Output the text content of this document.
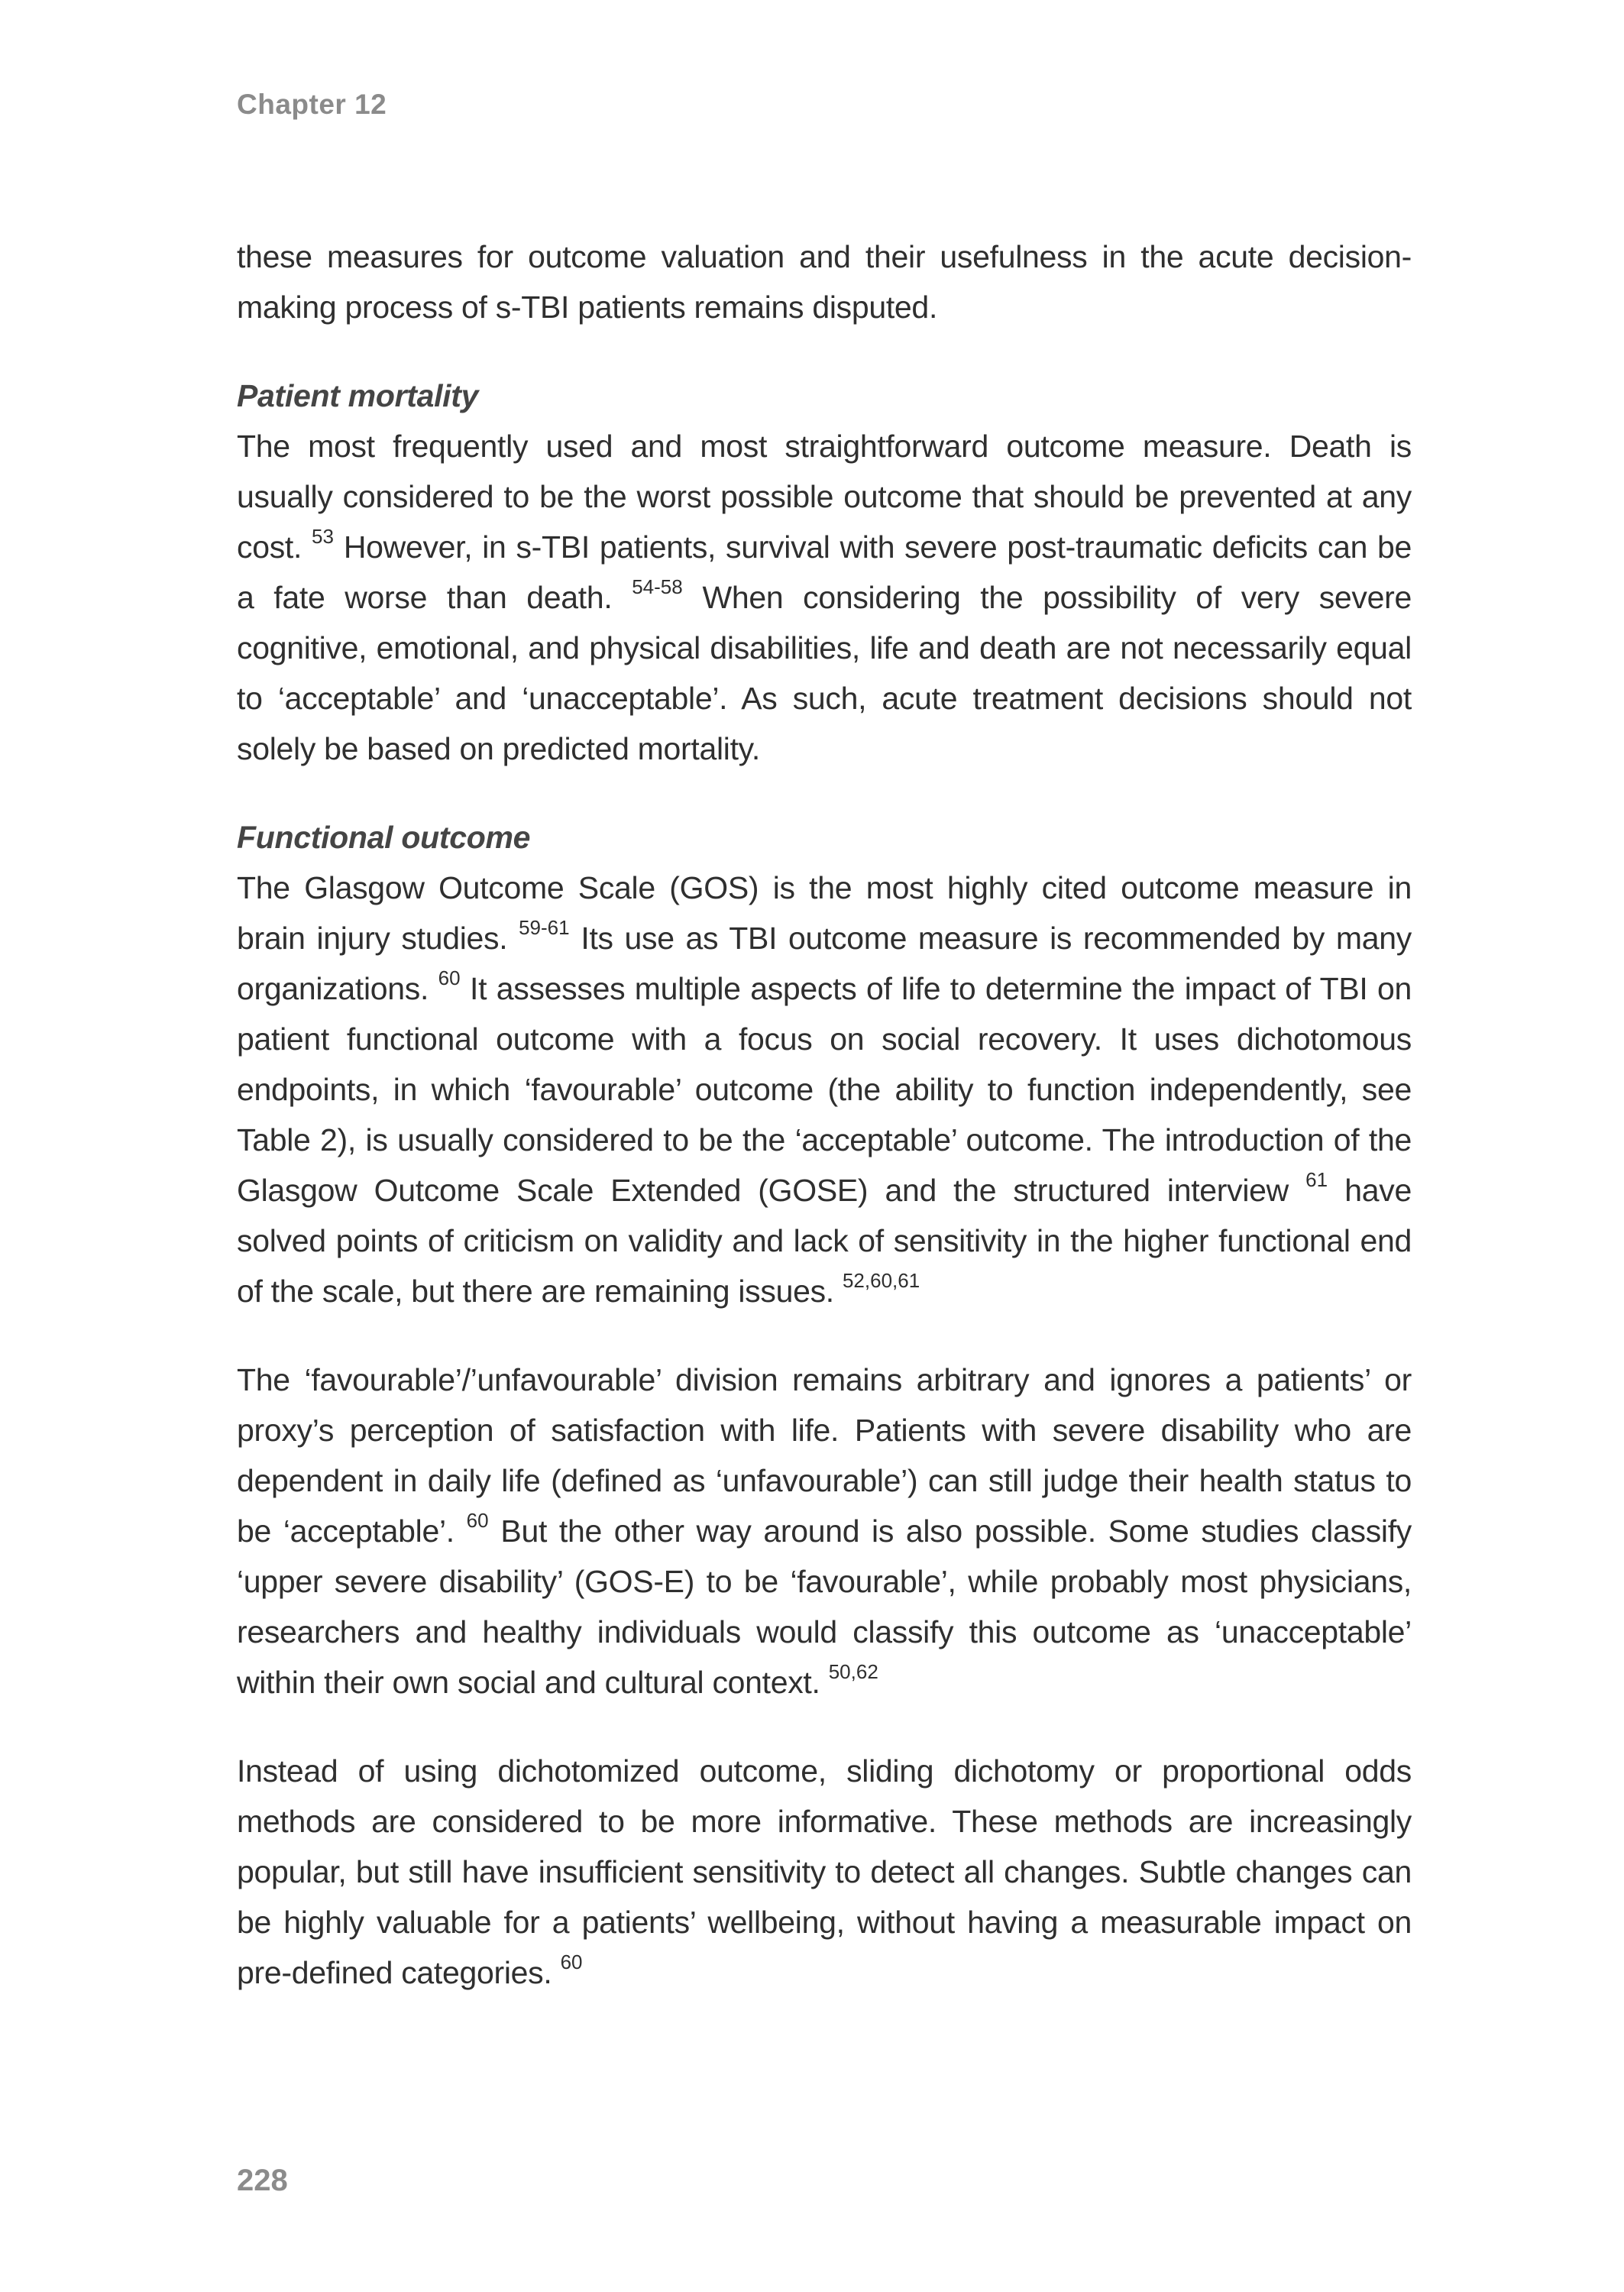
Chapter 12

these measures for outcome valuation and their usefulness in the acute decision-making process of s-TBI patients remains disputed.

Patient mortality

The most frequently used and most straightforward outcome measure. Death is usually considered to be the worst possible outcome that should be prevented at any cost. $^{53}$ However, in s-TBI patients, survival with severe post-traumatic deficits can be a fate worse than death. $^{54-58}$ When considering the possibility of very severe cognitive, emotional, and physical disabilities, life and death are not necessarily equal to ‘acceptable’ and ‘unacceptable’. As such, acute treatment decisions should not solely be based on predicted mortality.

Functional outcome

The Glasgow Outcome Scale (GOS) is the most highly cited outcome measure in brain injury studies. $^{59-61}$ Its use as TBI outcome measure is recommended by many organizations. $^{60}$ It assesses multiple aspects of life to determine the impact of TBI on patient functional outcome with a focus on social recovery. It uses dichotomous endpoints, in which ‘favourable’ outcome (the ability to function independently, see Table 2), is usually considered to be the ‘acceptable’ outcome. The introduction of the Glasgow Outcome Scale Extended (GOSE) and the structured interview $^{61}$ have solved points of criticism on validity and lack of sensitivity in the higher functional end of the scale, but there are remaining issues. $^{52,60,61}$

The ‘favourable’/’unfavourable’ division remains arbitrary and ignores a patients’ or proxy’s perception of satisfaction with life. Patients with severe disability who are dependent in daily life (defined as ‘unfavourable’) can still judge their health status to be ‘acceptable’. $^{60}$ But the other way around is also possible. Some studies classify ‘upper severe disability’ (GOS-E) to be ‘favourable’, while probably most physicians, researchers and healthy individuals would classify this outcome as ‘unacceptable’ within their own social and cultural context. $^{50,62}$

Instead of using dichotomized outcome, sliding dichotomy or proportional odds methods are considered to be more informative. These methods are increasingly popular, but still have insufficient sensitivity to detect all changes. Subtle changes can be highly valuable for a patients’ wellbeing, without having a measurable impact on pre-defined categories. $^{60}$

228
